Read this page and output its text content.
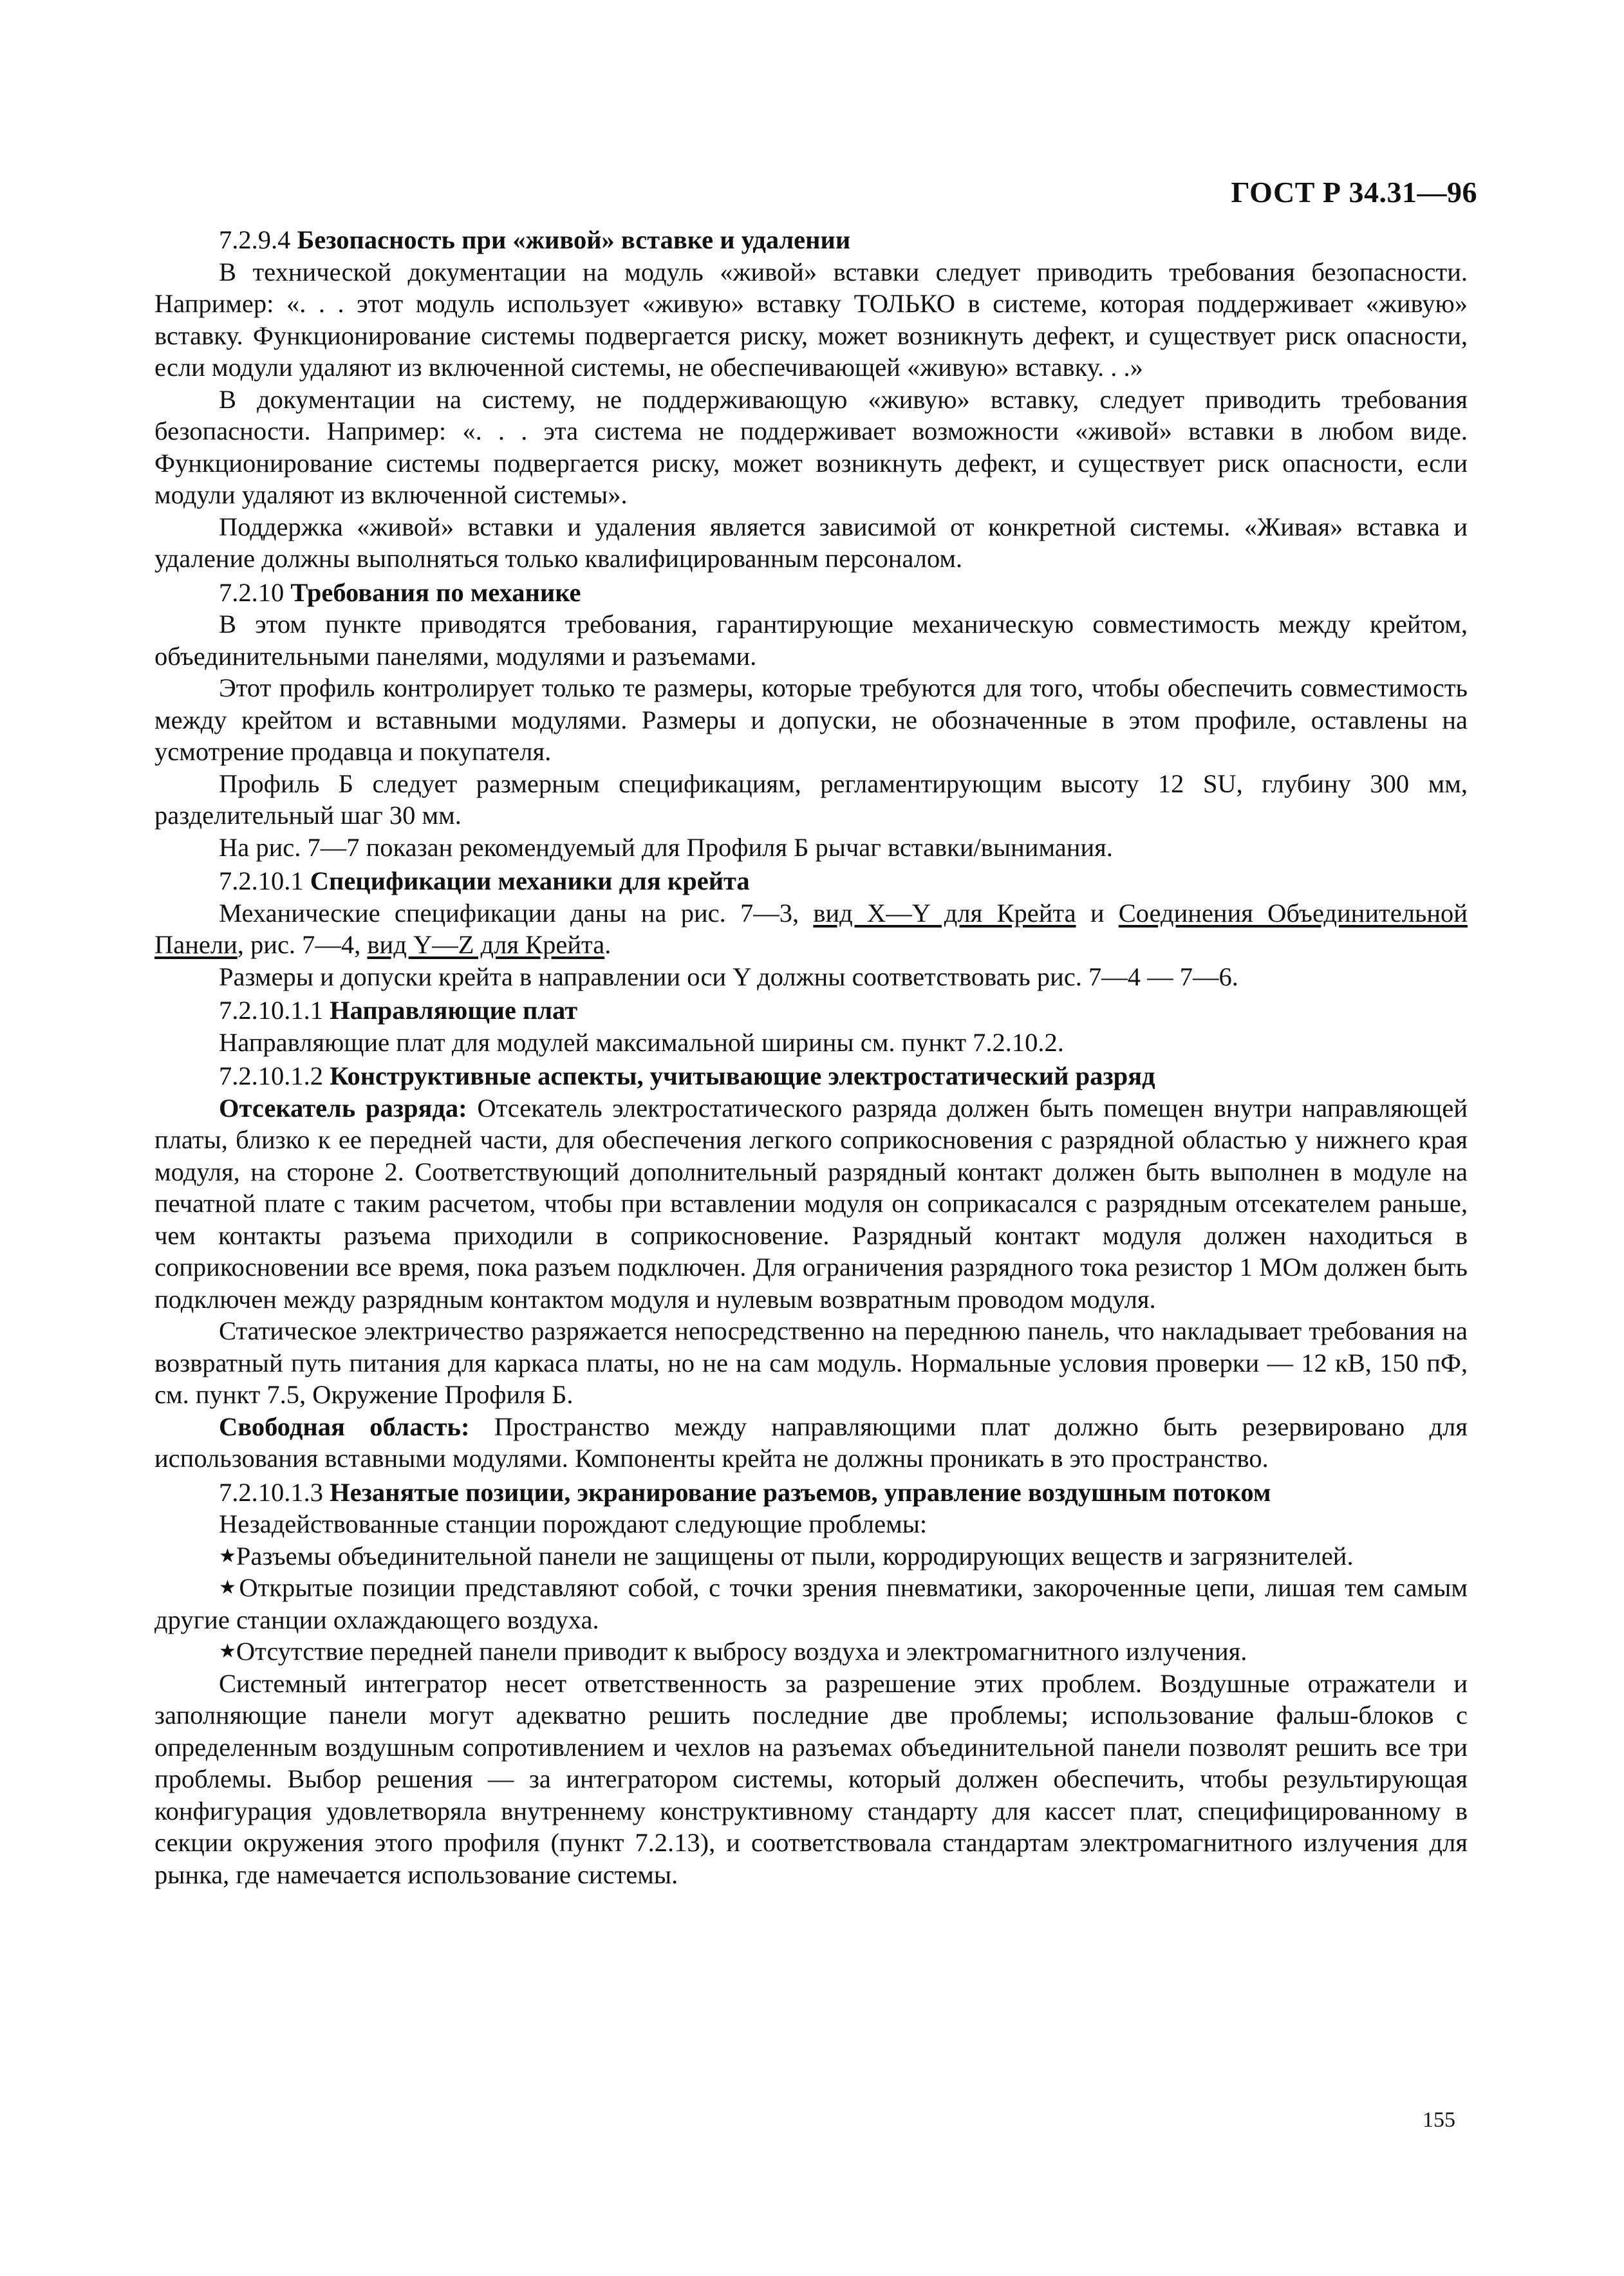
ГОСТ Р 34.31—96

7.2.9.4 Безопасность при «живой» вставке и удалении

В технической документации на модуль «живой» вставки следует приводить требования безопасности. Например: «. . . этот модуль использует «живую» вставку ТОЛЬКО в системе, которая поддерживает «живую» вставку. Функционирование системы подвергается риску, может возникнуть дефект, и существует риск опасности, если модули удаляют из включенной системы, не обеспечивающей «живую» вставку. . .»

В документации на систему, не поддерживающую «живую» вставку, следует приводить требования безопасности. Например: «. . . эта система не поддерживает возможности «живой» вставки в любом виде. Функционирование системы подвергается риску, может возникнуть дефект, и существует риск опасности, если модули удаляют из включенной системы».

Поддержка «живой» вставки и удаления является зависимой от конкретной системы. «Живая» вставка и удаление должны выполняться только квалифицированным персоналом.

7.2.10 Требования по механике

В этом пункте приводятся требования, гарантирующие механическую совместимость между крейтом, объединительными панелями, модулями и разъемами.

Этот профиль контролирует только те размеры, которые требуются для того, чтобы обеспечить совместимость между крейтом и вставными модулями. Размеры и допуски, не обозначенные в этом профиле, оставлены на усмотрение продавца и покупателя.

Профиль Б следует размерным спецификациям, регламентирующим высоту 12 SU, глубину 300 мм, разделительный шаг 30 мм.

На рис. 7—7 показан рекомендуемый для Профиля Б рычаг вставки/вынимания.

7.2.10.1 Спецификации механики для крейта

Механические спецификации даны на рис. 7—3, вид X—Y для Крейта и Соединения Объединительной Панели, рис. 7—4, вид Y—Z для Крейта.

Размеры и допуски крейта в направлении оси Y должны соответствовать рис. 7—4 — 7—6.

7.2.10.1.1 Направляющие плат

Направляющие плат для модулей максимальной ширины см. пункт 7.2.10.2.

7.2.10.1.2 Конструктивные аспекты, учитывающие электростатический разряд

Отсекатель разряда: Отсекатель электростатического разряда должен быть помещен внутри направляющей платы, близко к ее передней части, для обеспечения легкого соприкосновения с разрядной областью у нижнего края модуля, на стороне 2. Соответствующий дополнительный разрядный контакт должен быть выполнен в модуле на печатной плате с таким расчетом, чтобы при вставлении модуля он соприкасался с разрядным отсекателем раньше, чем контакты разъема приходили в соприкосновение. Разрядный контакт модуля должен находиться в соприкосновении все время, пока разъем подключен. Для ограничения разрядного тока резистор 1 МОм должен быть подключен между разрядным контактом модуля и нулевым возвратным проводом модуля.

Статическое электричество разряжается непосредственно на переднюю панель, что накладывает требования на возвратный путь питания для каркаса платы, но не на сам модуль. Нормальные условия проверки — 12 кВ, 150 пФ, см. пункт 7.5, Окружение Профиля Б.

Свободная область: Пространство между направляющими плат должно быть резервировано для использования вставными модулями. Компоненты крейта не должны проникать в это пространство.

7.2.10.1.3 Незанятые позиции, экранирование разъемов, управление воздушным потоком

Незадействованные станции порождают следующие проблемы:

★Разъемы объединительной панели не защищены от пыли, корродирующих веществ и загрязнителей.

★Открытые позиции представляют собой, с точки зрения пневматики, закороченные цепи, лишая тем самым другие станции охлаждающего воздуха.

★Отсутствие передней панели приводит к выбросу воздуха и электромагнитного излучения.

Системный интегратор несет ответственность за разрешение этих проблем. Воздушные отражатели и заполняющие панели могут адекватно решить последние две проблемы; использование фальш-блоков с определенным воздушным сопротивлением и чехлов на разъемах объединительной панели позволят решить все три проблемы. Выбор решения — за интегратором системы, который должен обеспечить, чтобы результирующая конфигурация удовлетворяла внутреннему конструктивному стандарту для кассет плат, специфицированному в секции окружения этого профиля (пункт 7.2.13), и соответствовала стандартам электромагнитного излучения для рынка, где намечается использование системы.

155
